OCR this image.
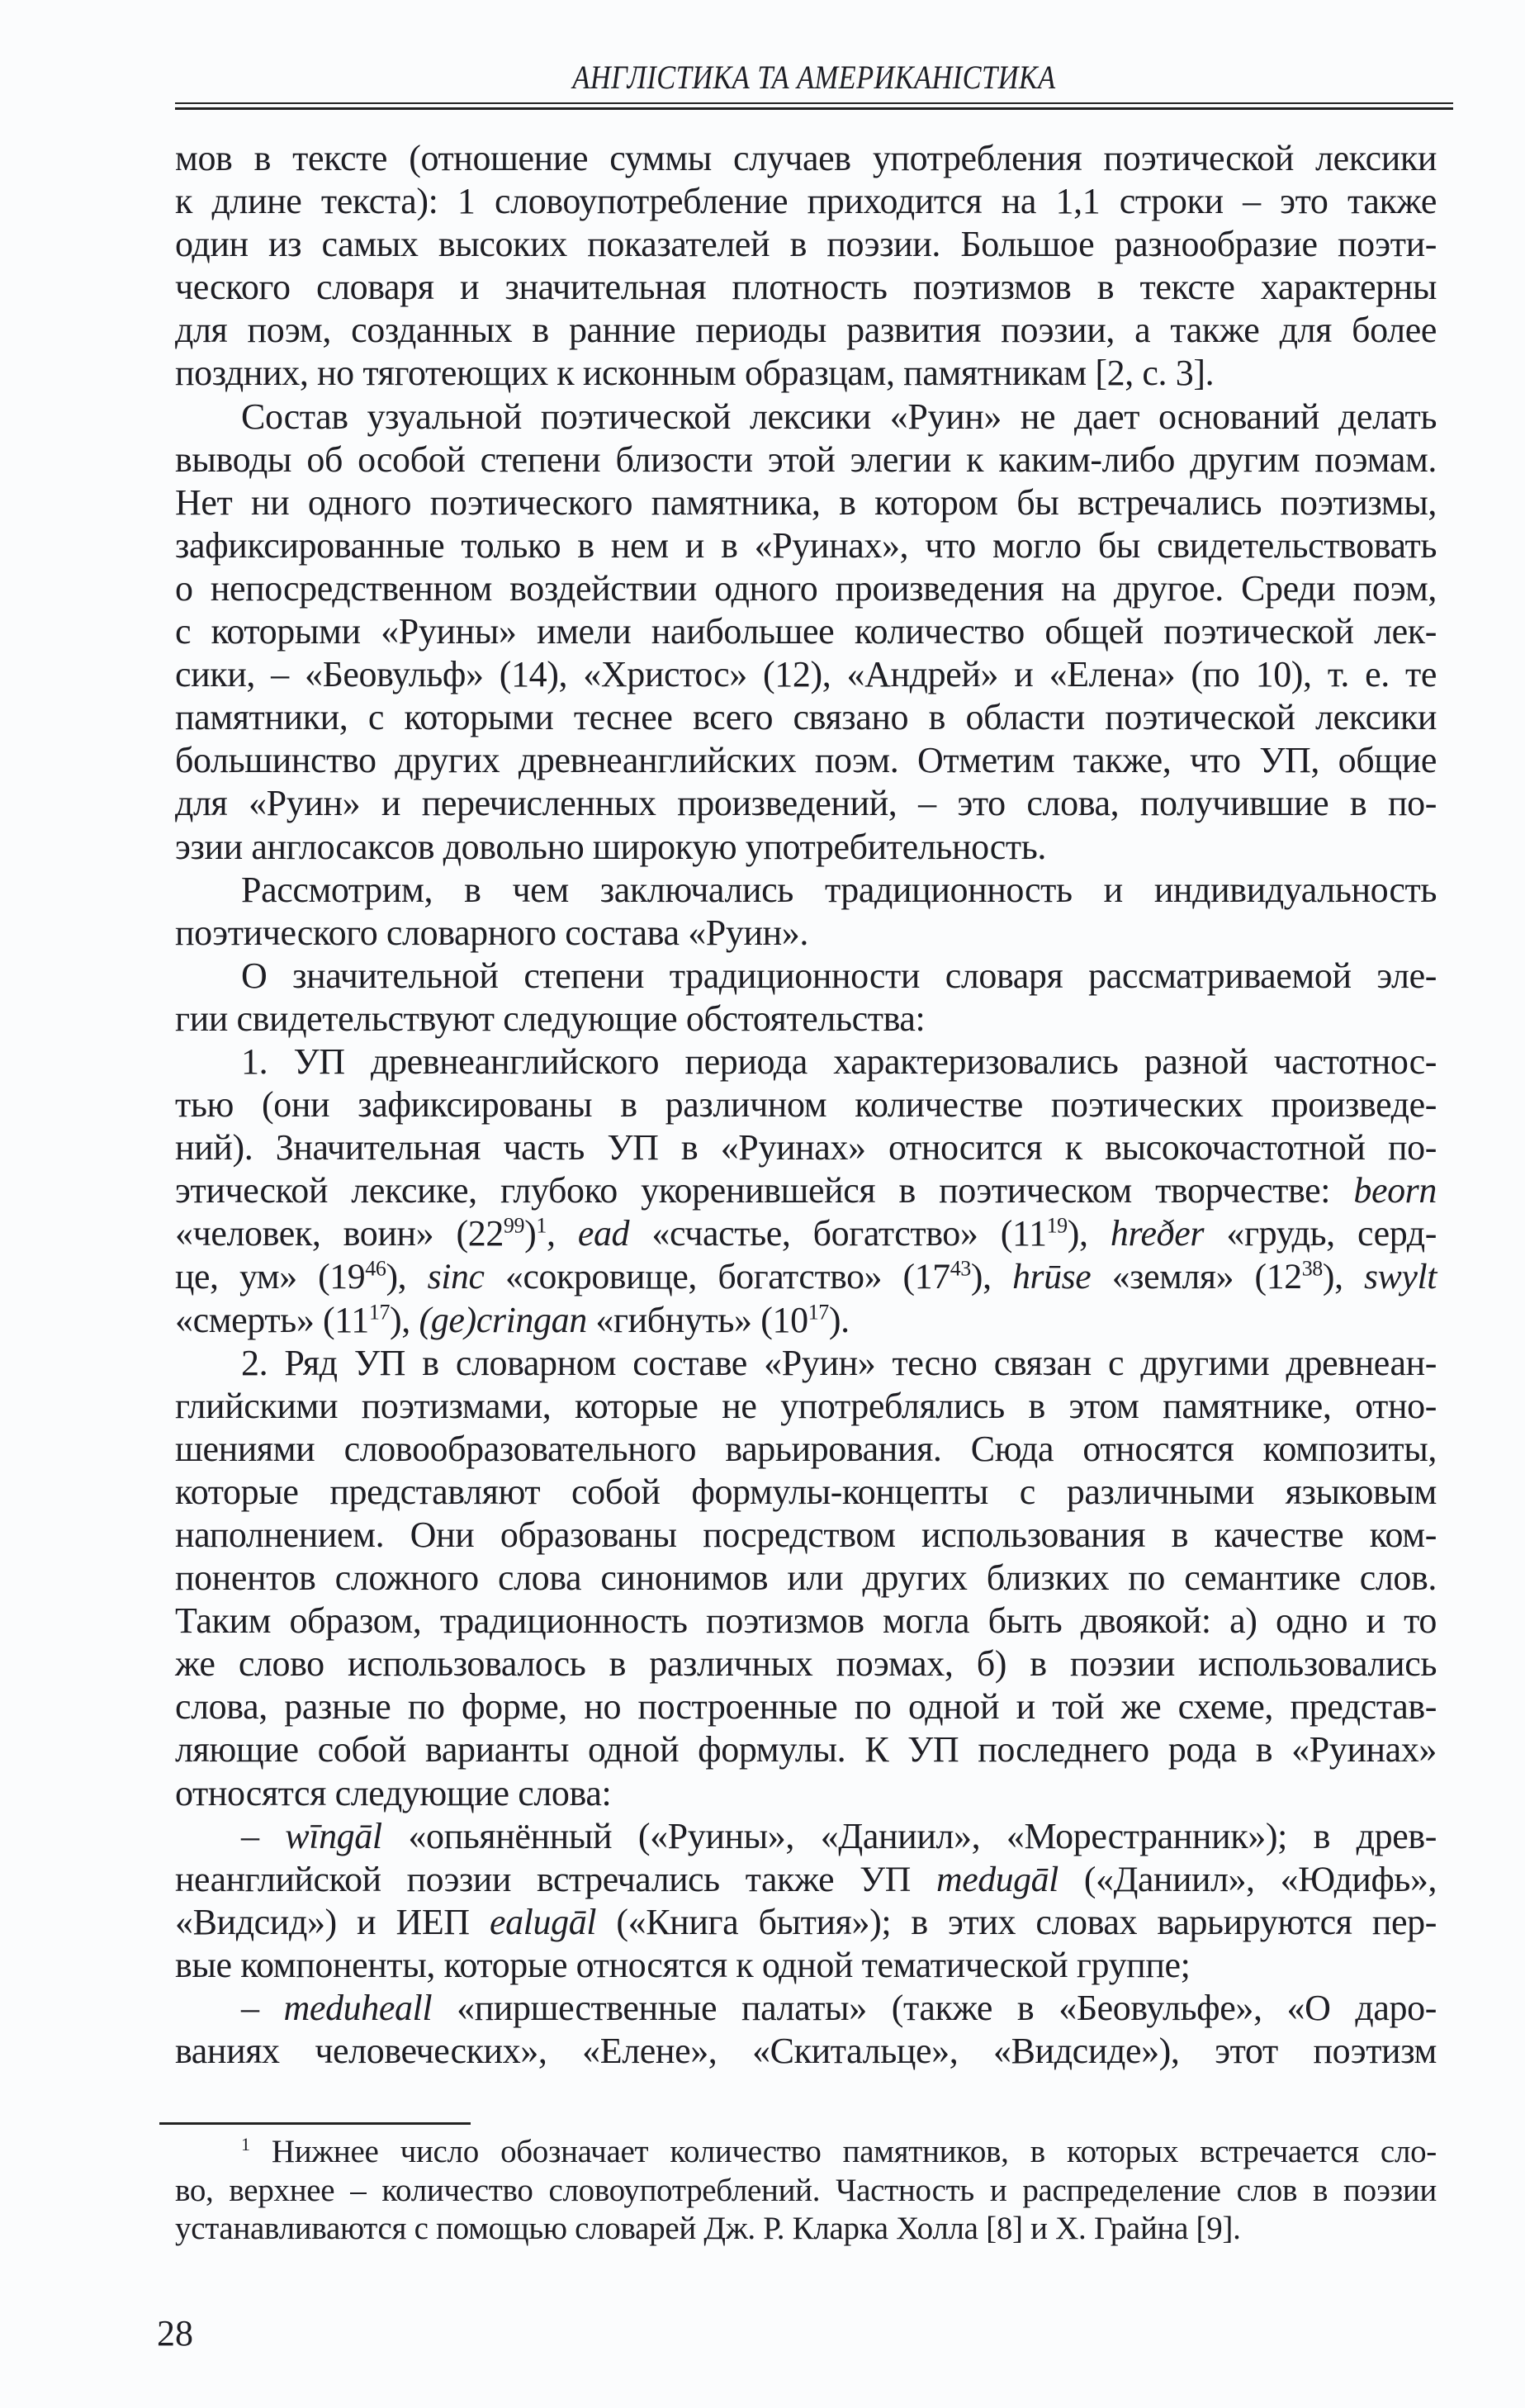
АНГЛІСТИКА ТА АМЕРИКАНІСТИКА
мов в тексте (отношение суммы случаев употребления поэтической лексики
к длине текста): 1 словоупотребление приходится на 1,1 строки – это также
один из самых высоких показателей в поэзии. Большое разнообразие поэти-
ческого словаря и значительная плотность поэтизмов в тексте характерны
для поэм, созданных в ранние периоды развития поэзии, а также для более
поздних, но тяготеющих к исконным образцам, памятникам [2, с. 3].
Состав узуальной поэтической лексики «Руин» не дает оснований делать
выводы об особой степени близости этой элегии к каким-либо другим поэмам.
Нет ни одного поэтического памятника, в котором бы встречались поэтизмы,
зафиксированные только в нем и в «Руинах», что могло бы свидетельствовать
о непосредственном воздействии одного произведения на другое. Среди поэм,
с которыми «Руины» имели наибольшее количество общей поэтической лек-
сики, – «Беовульф» (14), «Христос» (12), «Андрей» и «Елена» (по 10), т. е. те
памятники, с которыми теснее всего связано в области поэтической лексики
большинство других древнеанглийских поэм. Отметим также, что УП, общие
для «Руин» и перечисленных произведений, – это слова, получившие в по-
эзии англосаксов довольно широкую употребительность.
Рассмотрим, в чем заключались традиционность и индивидуальность
поэтического словарного состава «Руин».
О значительной степени традиционности словаря рассматриваемой эле-
гии свидетельствуют следующие обстоятельства:
1. УП древнеанглийского периода характеризовались разной частотнос-
тью (они зафиксированы в различном количестве поэтических произведе-
ний). Значительная часть УП в «Руинах» относится к высокочастотной по-
этической лексике, глубоко укоренившейся в поэтическом творчестве: beorn
«человек, воин» $(22^{99})^1$, ead «счастье, богатство» $(11^{19})$, hreðer «грудь, серд-
це, ум» $(19^{46})$, sinc «сокровище, богатство» $(17^{43})$, hrūse «земля» $(12^{38})$, swylt
«смерть» $(11^{17})$, (ge)cringan «гибнуть» $(10^{17})$.
2. Ряд УП в словарном составе «Руин» тесно связан с другими древнеан-
глийскими поэтизмами, которые не употреблялись в этом памятнике, отно-
шениями словообразовательного варьирования. Сюда относятся композиты,
которые представляют собой формулы-концепты с различными языковым
наполнением. Они образованы посредством использования в качестве ком-
понентов сложного слова синонимов или других близких по семантике слов.
Таким образом, традиционность поэтизмов могла быть двоякой: а) одно и то
же слово использовалось в различных поэмах, б) в поэзии использовались
слова, разные по форме, но построенные по одной и той же схеме, представ-
ляющие собой варианты одной формулы. К УП последнего рода в «Руинах»
относятся следующие слова:
– wīngāl «опьянённый («Руины», «Даниил», «Морестранник»); в древ-
неанглийской поэзии встречались также УП medugāl («Даниил», «Юдифь»,
«Видсид») и ИЕП ealugāl («Книга бытия»); в этих словах варьируются пер-
вые компоненты, которые относятся к одной тематической группе;
– meduheall «пиршественные палаты» (также в «Беовульфе», «О даро-
ваниях человеческих», «Елене», «Скитальце», «Видсиде»), этот поэтизм
$^1$ Нижнее число обозначает количество памятников, в которых встречается сло-
во, верхнее – количество словоупотреблений. Частность и распределение слов в поэзии
устанавливаются с помощью словарей Дж. Р. Кларка Холла [8] и Х. Грайна [9].
28
